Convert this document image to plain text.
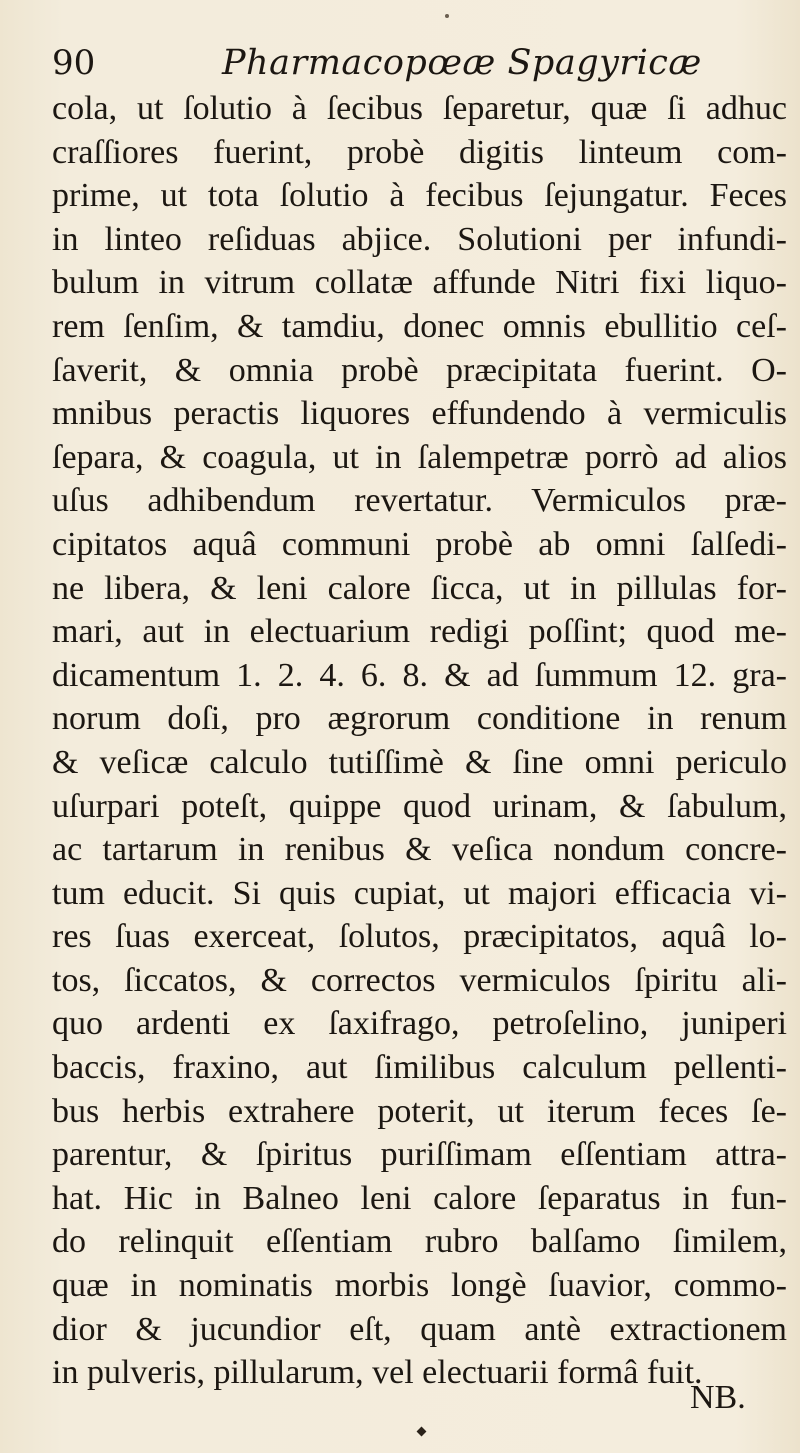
90	Pharmacopœæ Spagyricæ
cola, ut ſolutio à ſecibus ſeparetur, quæ ſi adhuc
craſſiores fuerint, probè digitis linteum com-
prime, ut tota ſolutio à fecibus ſejungatur. Feces
in linteo reſiduas abjice. Solutioni per infundi-
bulum in vitrum collatæ affunde Nitri fixi liquo-
rem ſenſim, & tamdiu, donec omnis ebullitio ceſ-
ſaverit, & omnia probè præcipitata fuerint. O-
mnibus peractis liquores effundendo à vermiculis
ſepara, & coagula, ut in ſalempetræ porrò ad alios
uſus adhibendum revertatur. Vermiculos præ-
cipitatos aquâ communi probè ab omni ſalſedi-
ne libera, & leni calore ſicca, ut in pillulas for-
mari, aut in electuarium redigi poſſint; quod me-
dicamentum 1. 2. 4. 6. 8. & ad ſummum 12. gra-
norum doſi, pro ægrorum conditione in renum
& veſicæ calculo tutiſſimè & ſine omni periculo
uſurpari poteſt, quippe quod urinam, & ſabulum,
ac tartarum in renibus & veſica nondum concre-
tum educit. Si quis cupiat, ut majori efficacia vi-
res ſuas exerceat, ſolutos, præcipitatos, aquâ lo-
tos, ſiccatos, & correctos vermiculos ſpiritu ali-
quo ardenti ex ſaxifrago, petroſelino, juniperi
baccis, fraxino, aut ſimilibus calculum pellenti-
bus herbis extrahere poterit, ut iterum feces ſe-
parentur, & ſpiritus puriſſimam eſſentiam attra-
hat. Hic in Balneo leni calore ſeparatus in fun-
do relinquit eſſentiam rubro balſamo ſimilem,
quæ in nominatis morbis longè ſuavior, commo-
dior & jucundior eſt, quam antè extractionem
in pulveris, pillularum, vel electuarii formâ fuit.
NB.
